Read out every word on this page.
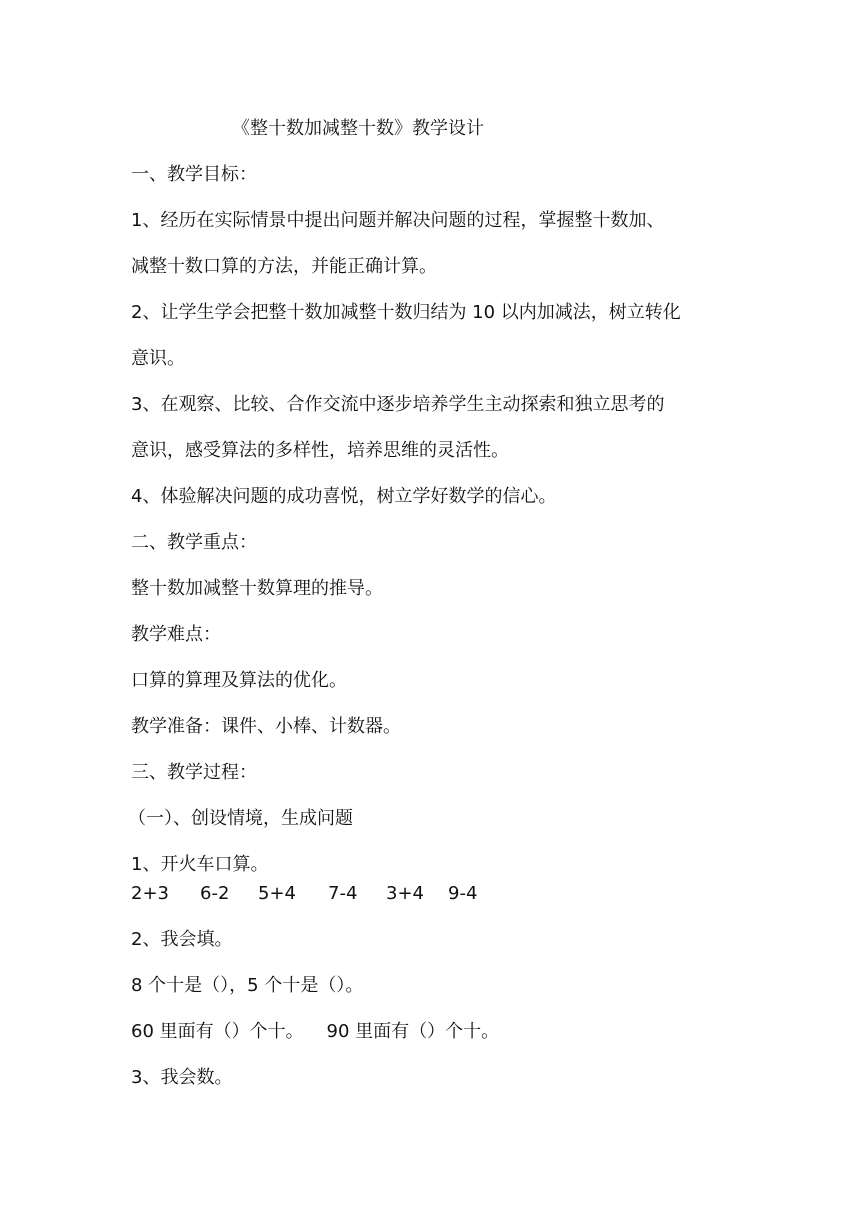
《整十数加减整十数》教学设计
一、教学目标：
1、经历在实际情景中提出问题并解决问题的过程，掌握整十数加、
减整十数口算的方法，并能正确计算。
2、让学生学会把整十数加减整十数归结为 10 以内加减法，树立转化
意识。
3、在观察、比较、合作交流中逐步培养学生主动探索和独立思考的
意识，感受算法的多样性，培养思维的灵活性。
4、体验解决问题的成功喜悦，树立学好数学的信心。
二、教学重点：
整十数加减整十数算理的推导。
教学难点：
口算的算理及算法的优化。
教学准备：课件、小棒、计数器。
三、教学过程：
（一）、创设情境，生成问题
1、开火车口算。
2+3 6-2 5+4 7-4 3+4 9-4
2、我会填。
8 个十是（），5 个十是（）。
60 里面有（）个十。    90 里面有（）个十。
3、我会数。
